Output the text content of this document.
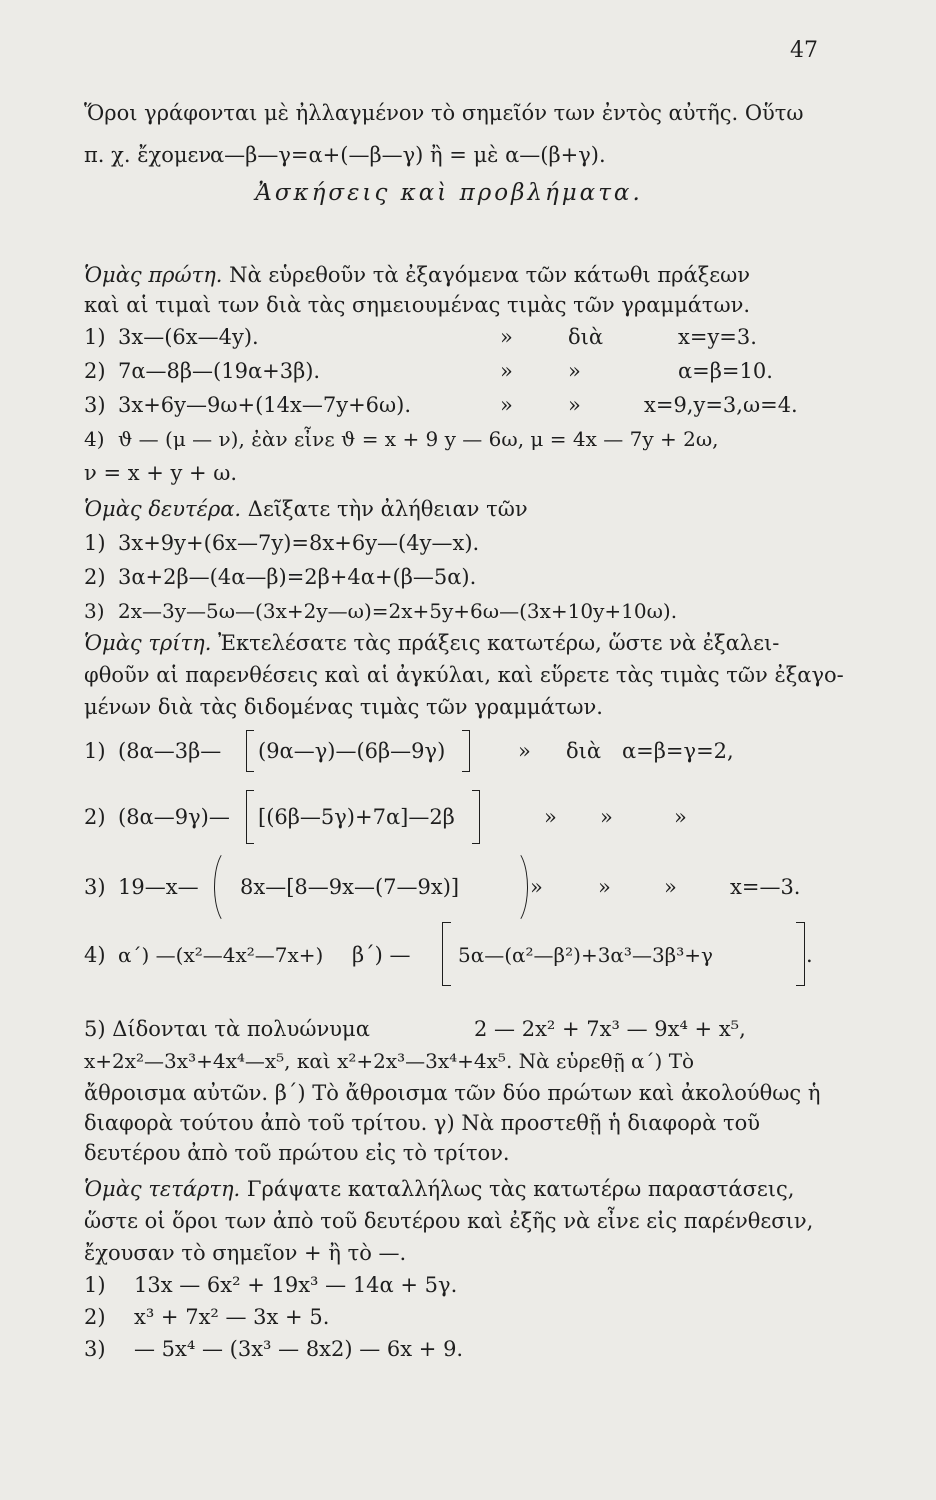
47
Ὅροι γράφονται μὲ ἠλλαγμένον τὸ σημεῖόν των ἐντὸς αὐτῆς. Οὕτω
π. χ. ἔχομεν
α—β—γ=α+(—β—γ) ἢ = μὲ α—(β+γ).
Ἀσκήσεις καὶ προβλήματα.
Ὁμὰς πρώτη. Νὰ εὑρεθοῦν τὰ ἐξαγόμενα τῶν κάτωθι πράξεων
καὶ αἱ τιμαὶ των διὰ τὰς σημειουμένας τιμὰς τῶν γραμμάτων.
1) 3x—(6x—4y).	»	διὰ	x=y=3.
2) 7α—8β—(19α+3β).	»	»	α=β=10.
3) 3x+6y—9ω+(14x—7y+6ω).	»	»	x=9,y=3,ω=4.
4) ϑ — (μ — ν), ἐὰν εἶνε ϑ = x + 9 y — 6ω, μ = 4x — 7y + 2ω,
ν = x + y + ω.
Ὁμὰς δευτέρα. Δεῖξατε τὴν ἀλήθειαν τῶν
1) 3x+9y+(6x—7y)=8x+6y—(4y—x).
2) 3α+2β—(4α—β)=2β+4α+(β—5α).
3) 2x—3y—5ω—(3x+2y—ω)=2x+5y+6ω—(3x+10y+10ω).
Ὁμὰς τρίτη. Ἐκτελέσατε τὰς πράξεις κατωτέρω, ὥστε νὰ ἐξαλει-
φθοῦν αἱ παρενθέσεις καὶ αἱ ἀγκύλαι, καὶ εὕρετε τὰς τιμὰς τῶν ἐξαγο-
μένων διὰ τὰς διδομένας τιμὰς τῶν γραμμάτων.
1) (8α—3β— (9α—γ)—(6β—9γ)	» διὰ α=β=γ=2,
2) (8α—9γ)— [(6β—5γ)+7α]—2β	» »	»
3) 19—x— 8x—[8—9x—(7—9x)]	»	»	»	x=—3.
4) α΄) —(x²—4x²—7x+) β΄) — 5α—(α²—β²)+3α³—3β³+γ	.
5) Δίδονται τὰ πολυώνυμα	2 — 2x² + 7x³ — 9x⁴ + x⁵,
x+2x²—3x³+4x⁴—x⁵, καὶ x²+2x³—3x⁴+4x⁵. Νὰ εὑρεθῇ α΄) Τὸ
ἄθροισμα αὐτῶν. β΄) Τὸ ἄθροισμα τῶν δύο πρώτων καὶ ἀκολούθως ἡ
διαφορὰ τούτου ἀπὸ τοῦ τρίτου. γ) Νὰ προστεθῇ ἡ διαφορὰ τοῦ
δευτέρου ἀπὸ τοῦ πρώτου εἰς τὸ τρίτον.
Ὁμὰς τετάρτη. Γράψατε καταλλήλως τὰς κατωτέρω παραστάσεις,
ὥστε οἱ ὅροι των ἀπὸ τοῦ δευτέρου καὶ ἐξῆς νὰ εἶνε εἰς παρένθεσιν,
ἔχουσαν τὸ σημεῖον + ἢ τὸ —.
1) 13x — 6x² + 19x³ — 14α + 5γ.
2) x³ + 7x² — 3x + 5.
3) — 5x⁴ — (3x³ — 8x2) — 6x + 9.
